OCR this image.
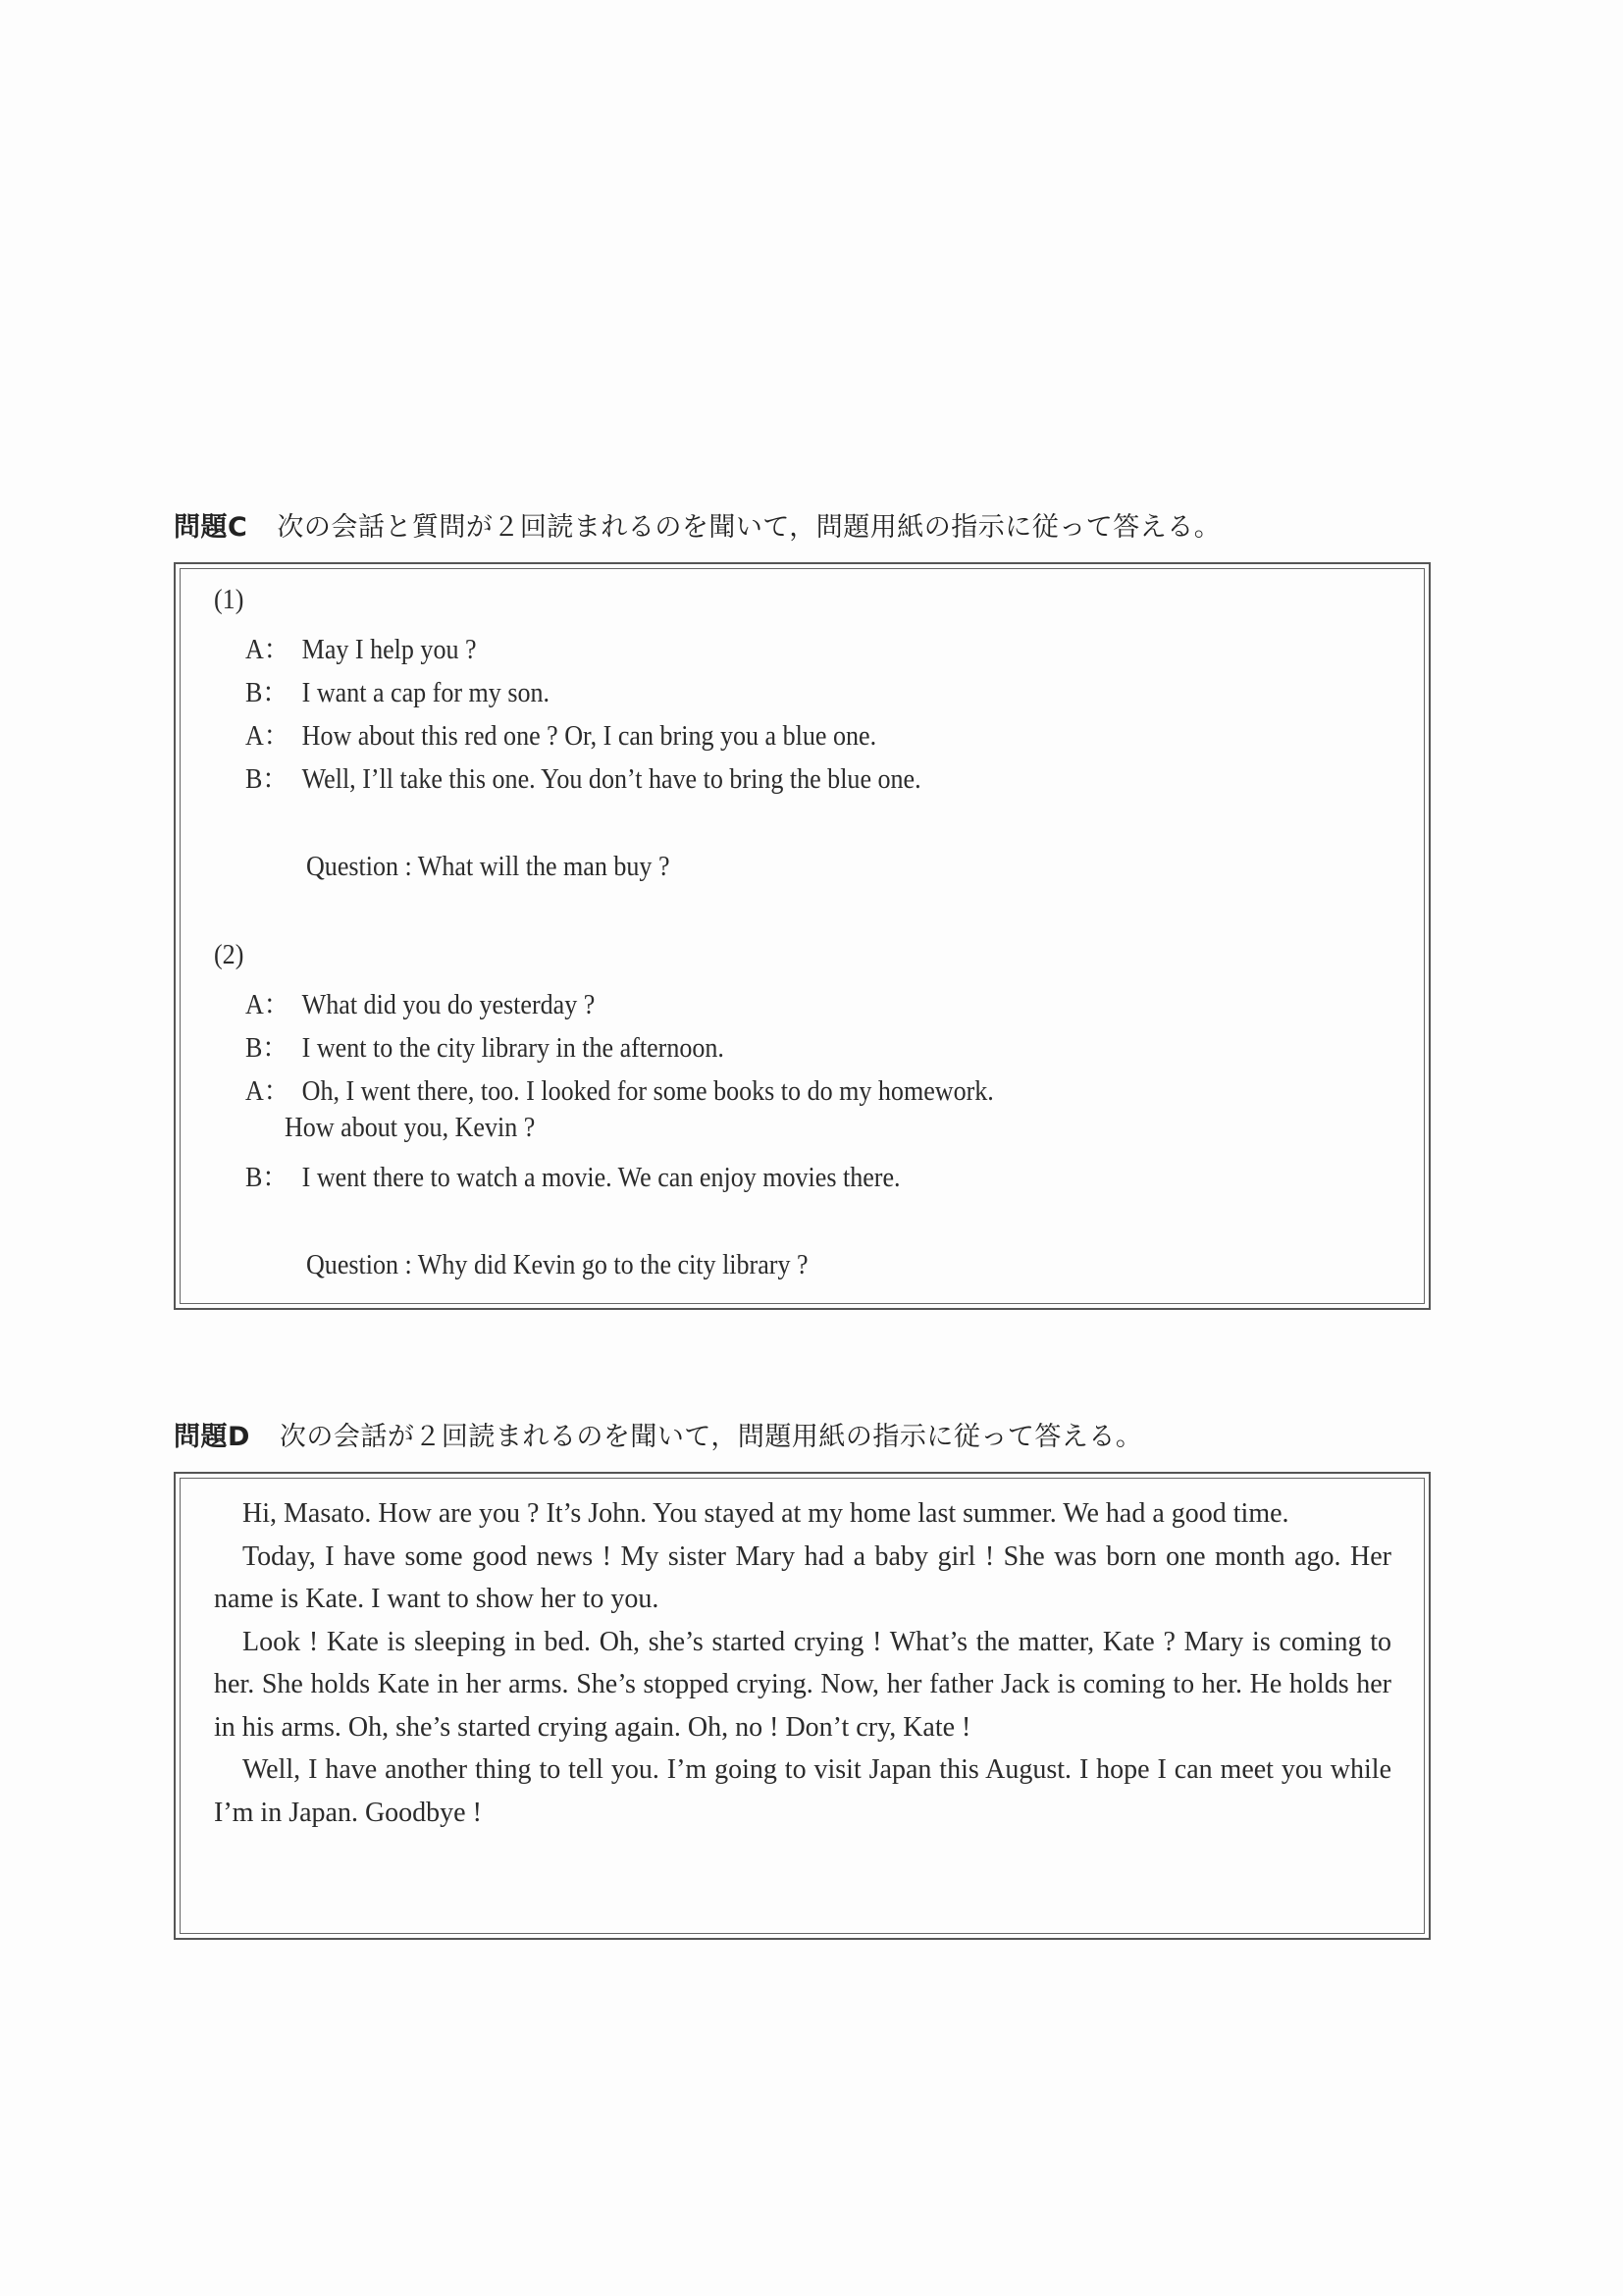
問題C 次の会話と質問が２回読まれるのを聞いて，問題用紙の指示に従って答える。
(1)
A： May I help you ?
B： I want a cap for my son.
A： How about this red one ? Or, I can bring you a blue one.
B： Well, I’ll take this one. You don’t have to bring the blue one.
Question : What will the man buy ?
(2)
A： What did you do yesterday ?
B： I went to the city library in the afternoon.
A： Oh, I went there, too. I looked for some books to do my homework.
How about you, Kevin ?
B： I went there to watch a movie. We can enjoy movies there.
Question : Why did Kevin go to the city library ?
問題D 次の会話が２回読まれるのを聞いて，問題用紙の指示に従って答える。

Hi, Masato. How are you ? It’s John. You stayed at my home last summer. We had a good time.

Today, I have some good news ! My sister Mary had a baby girl ! She was born one month ago. Her name is Kate. I want to show her to you.

Look ! Kate is sleeping in bed. Oh, she’s started crying ! What’s the matter, Kate ? Mary is coming to her. She holds Kate in her arms. She’s stopped crying. Now, her father Jack is coming to her. He holds her in his arms. Oh, she’s started crying again. Oh, no ! Don’t cry, Kate !

Well, I have another thing to tell you. I’m going to visit Japan this August. I hope I can meet you while I’m in Japan. Goodbye !
